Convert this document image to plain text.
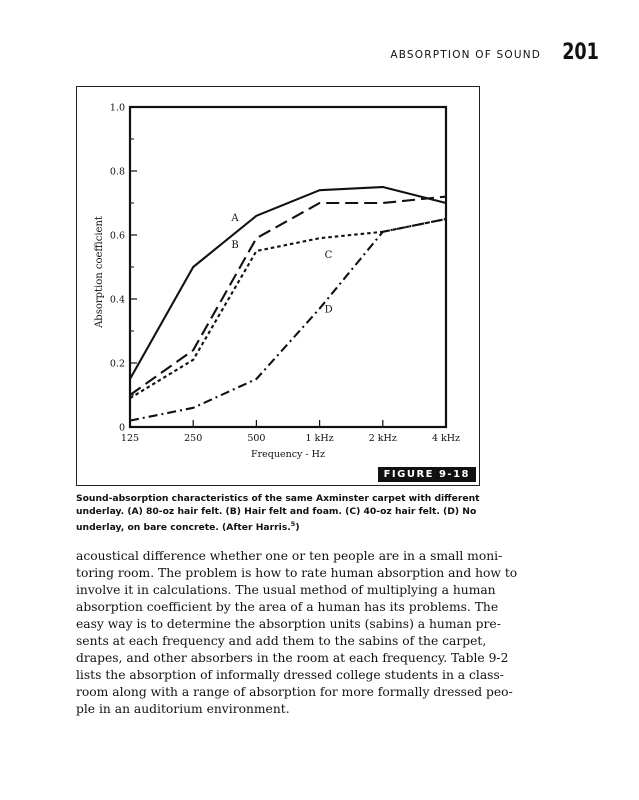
ABSORPTION OF SOUND 201
0
0.2
0.4
0.6
0.8
1.0
125	250	500	1 kHz	2 kHz	4 kHz
Frequency - Hz
Absorption coefficient	A
B
C
D
FIGURE 9-18
Sound-absorption characteristics of the same Axminster carpet with different underlay. (A) 80-oz hair felt. (B) Hair felt and foam. (C) 40-oz hair felt. (D) No underlay, on bare concrete. (After Harris.$^5$)
acoustical difference whether one or ten people are in a small moni-
toring room. The problem is how to rate human absorption and how to
involve it in calculations. The usual method of multiplying a human
absorption coefficient by the area of a human has its problems. The
easy way is to determine the absorption units (sabins) a human pre-
sents at each frequency and add them to the sabins of the carpet,
drapes, and other absorbers in the room at each frequency. Table 9-2
lists the absorption of informally dressed college students in a class-
room along with a range of absorption for more formally dressed peo-
ple in an auditorium environment.
